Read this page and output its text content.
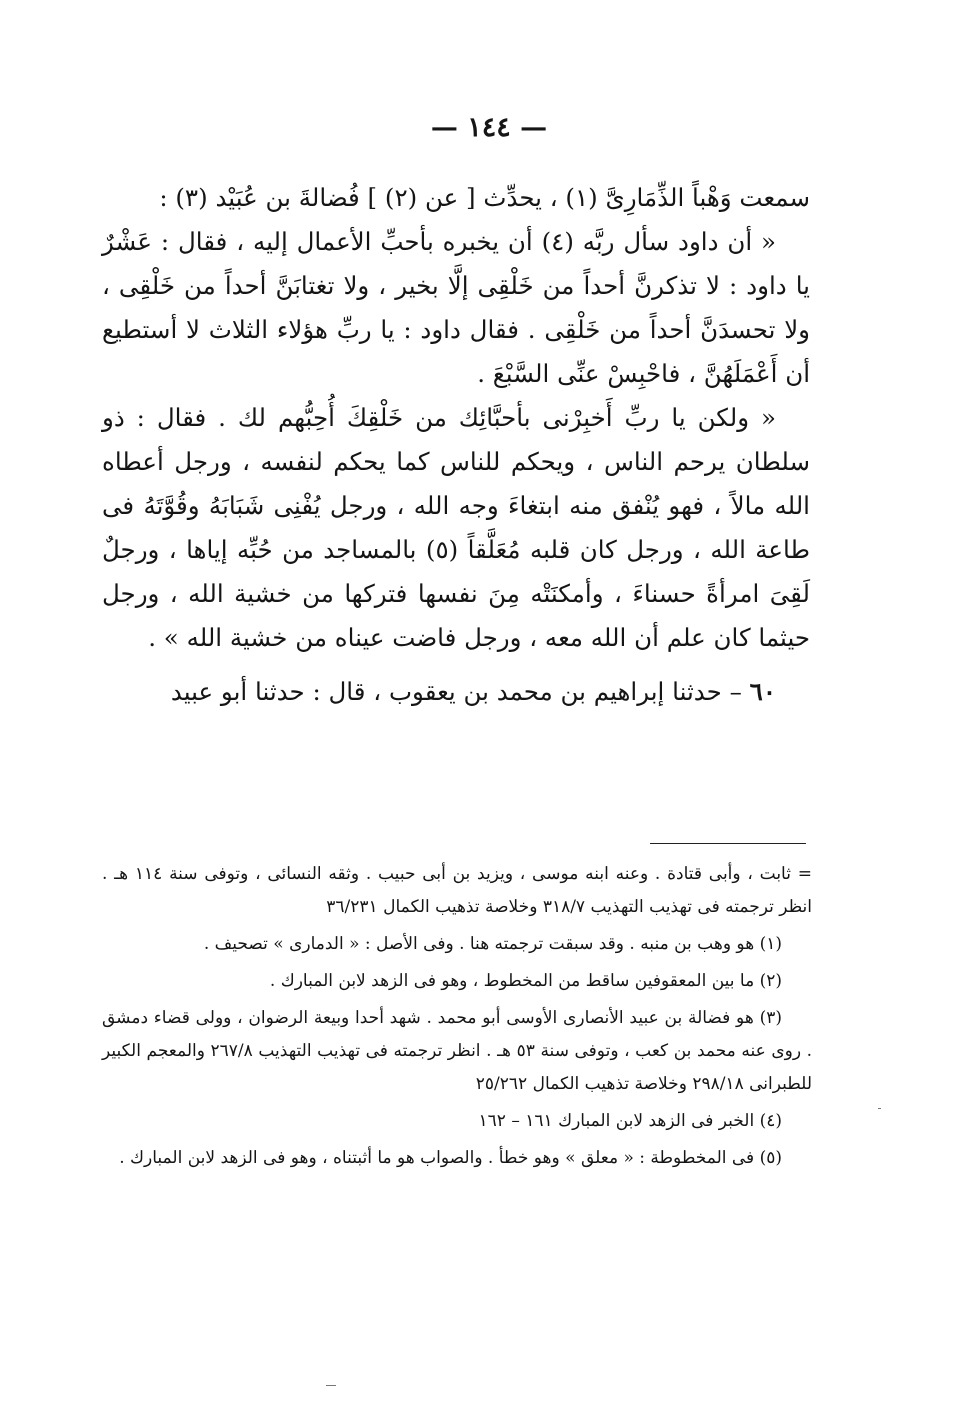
— ١٤٤ —

سمعت وَهْباً الذِّمَارِىَّ (١) ، يحدِّث [ عن (٢) ] فُضالةَ بن عُبَيْد (٣) :

« أن داود سأل ربَّه (٤) أن يخبره بأحبِّ الأعمال إليه ، فقال : عَشْرٌ يا داود : لا تذكرنَّ أحداً من خَلْقِى إلَّا بخير ، ولا تغتابَنَّ أحداً من خَلْقِى ، ولا تحسدَنَّ أحداً من خَلْقِى . فقال داود : يا ربِّ هؤلاء الثلاث لا أستطيع أن أَعْمَلَهُنَّ ، فاحْبِسْ عنِّى السَّبْعَ .

« ولكن يا ربِّ أَخبِرْنى بأحبَّائِك من خَلْقِكَ أُحِبُّهم لك . فقال : ذو سلطان يرحم الناس ، ويحكم للناس كما يحكم لنفسه ، ورجل أعطاه الله مالاً ، فهو يُنْفق منه ابتغاءَ وجه الله ، ورجل يُفْنِى شَبَابَهُ وقُوَّتَهُ فى طاعة الله ، ورجل كان قلبه مُعَلَّقاً (٥) بالمساجد من حُبِّه إياها ، ورجلٌ لَقِىَ امرأةً حسناءَ ، وأمكنَتْه مِنَ نفسها فتركها من خشية الله ، ورجل حيثما كان علم أن الله معه ، ورجل فاضت عيناه من خشية الله » .

٦٠ – حدثنا إبراهيم بن محمد بن يعقوب ، قال : حدثنا أبو عبيد

= ثابت ، وأبى قتادة . وعنه ابنه موسى ، ويزيد بن أبى حبيب . وثقه النسائى ، وتوفى سنة ١١٤ هـ . انظر ترجمته فى تهذيب التهذيب ٣١٨/٧ وخلاصة تذهيب الكمال ٣٦/٢٣١

(١) هو وهب بن منبه . وقد سبقت ترجمته هنا . وفى الأصل : « الدمارى » تصحيف .

(٢) ما بين المعقوفين ساقط من المخطوط ، وهو فى الزهد لابن المبارك .

(٣) هو فضالة بن عبيد الأنصارى الأوسى أبو محمد . شهد أحدا وبيعة الرضوان ، وولى قضاء دمشق . روى عنه محمد بن كعب ، وتوفى سنة ٥٣ هـ . انظر ترجمته فى تهذيب التهذيب ٢٦٧/٨ والمعجم الكبير للطبرانى ٢٩٨/١٨ وخلاصة تذهيب الكمال ٢٥/٢٦٢

(٤) الخبر فى الزهد لابن المبارك ١٦١ – ١٦٢

(٥) فى المخطوطة : « معلق » وهو خطأ . والصواب هو ما أثبتناه ، وهو فى الزهد لابن المبارك .
